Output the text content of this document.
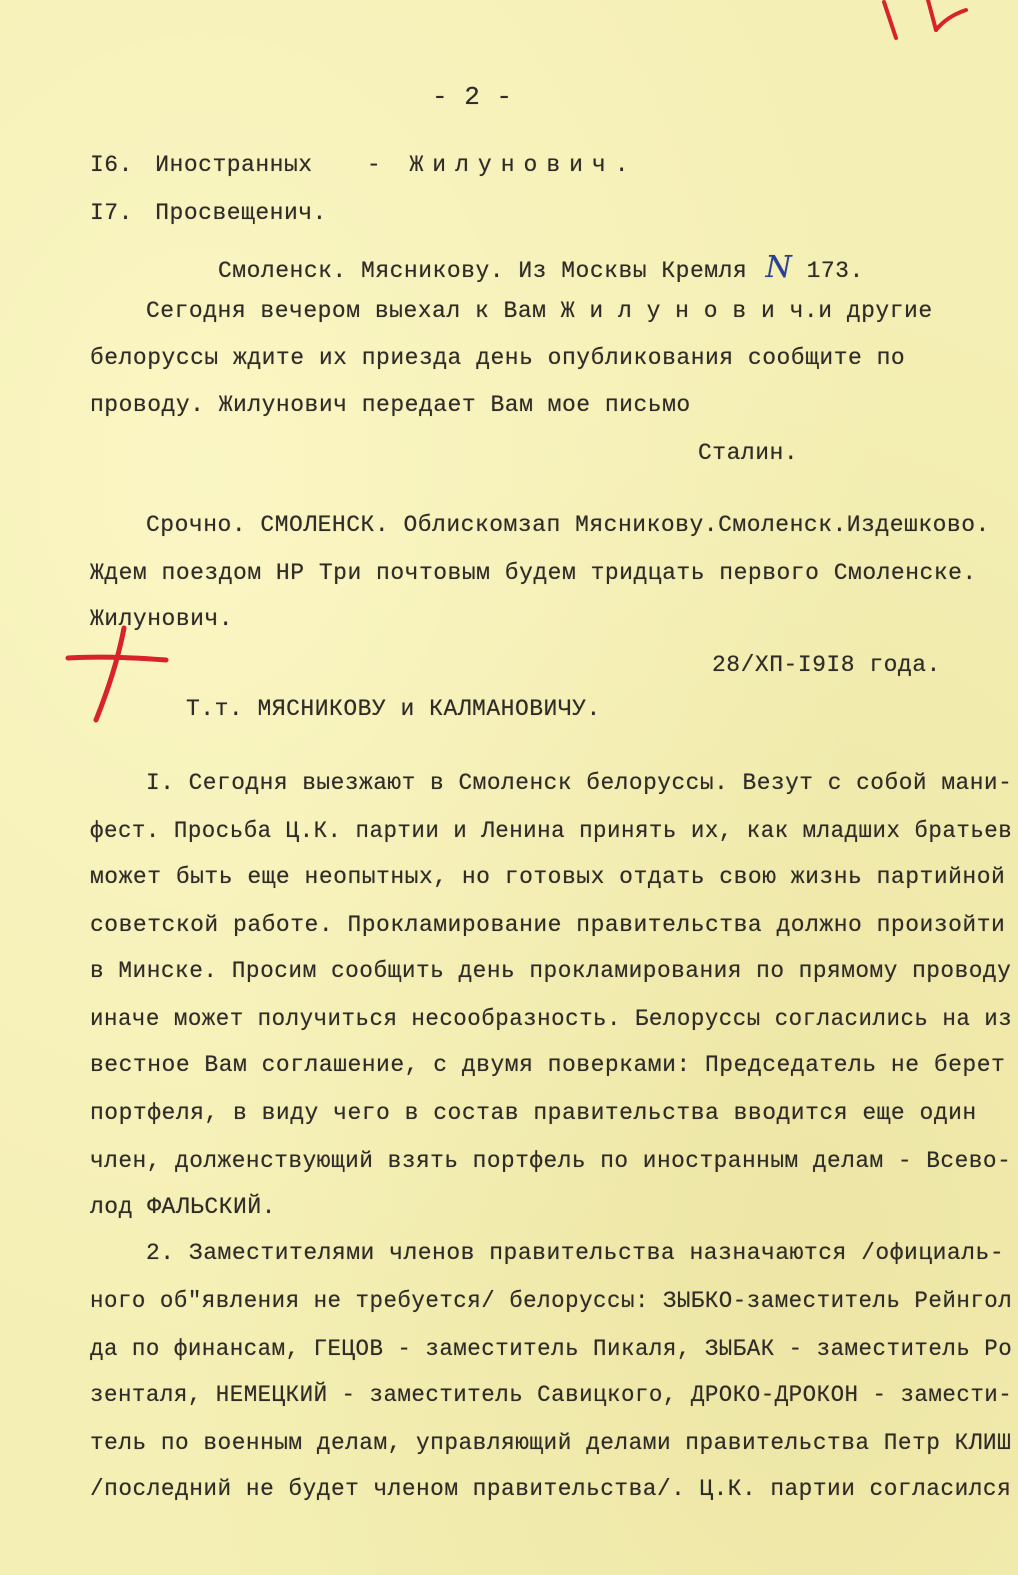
- 2 -
I6. Иностранных - Жилунович.
I7. Просвещенич.
Смоленск. Мясникову. Из Москвы Кремля N 173.
Сегодня вечером выехал к Вам Ж и л у н о в и ч.и другие
белоруссы ждите их приезда день опубликования сообщите по
проводу. Жилунович передает Вам мое письмо
Сталин.
Срочно. СМОЛЕНСК. Облискомзап Мясникову.Смоленск.Издешково.
Ждем поездом НР Три почтовым будем тридцать первого Смоленске.
Жилунович.
28/XП-I9I8 года.
Т.т. МЯСНИКОВУ и КАЛМАНОВИЧУ.
I. Сегодня выезжают в Смоленск белоруссы. Везут с собой мани-
фест. Просьба Ц.К. партии и Ленина принять их, как младших братьев
может быть еще неопытных, но готовых отдать свою жизнь партийной
советской работе. Прокламирование правительства должно произойти
в Минске. Просим сообщить день прокламирования по прямому проводу
иначе может получиться несообразность. Белоруссы согласились на из
вестное Вам соглашение, с двумя поверками: Председатель не берет
портфеля, в виду чего в состав правительства вводится еще один
член, долженствующий взять портфель по иностранным делам - Всево-
лод ФАЛЬСКИЙ.
2. Заместителями членов правительства назначаются /официаль-
ного об"явления не требуется/ белоруссы: ЗЫБКО-заместитель Рейнгол
да по финансам, ГЕЦОВ - заместитель Пикаля, ЗЫБАК - заместитель Ро
зенталя, НЕМЕЦКИЙ - заместитель Савицкого, ДРОКО-ДРОКОН - замести-
тель по военным делам, управляющий делами правительства Петр КЛИШ
/последний не будет членом правительства/. Ц.К. партии согласился
